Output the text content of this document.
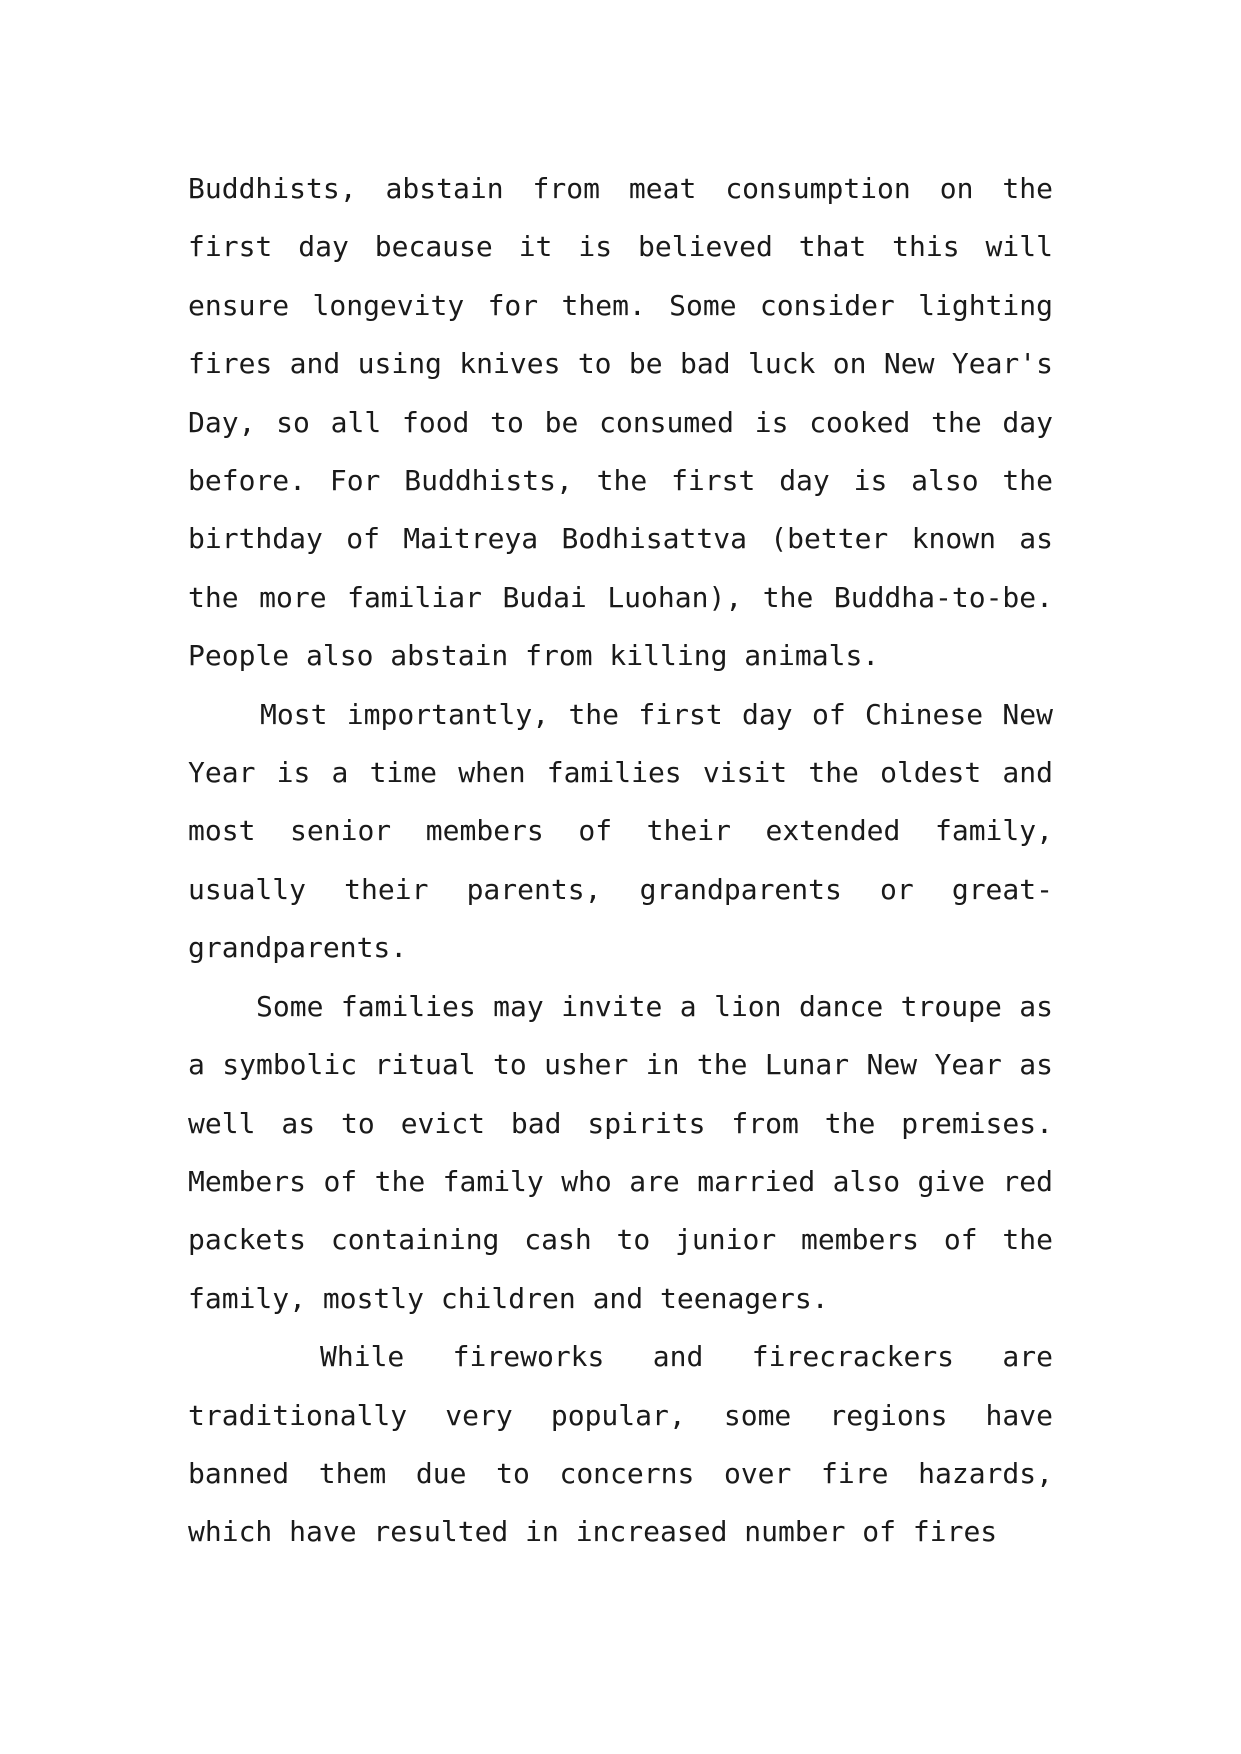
Buddhists, abstain from meat consumption on the first day because it is believed that this will ensure longevity for them. Some consider lighting fires and using knives to be bad luck on New Year's Day, so all food to be consumed is cooked the day before. For Buddhists, the first day is also the birthday of Maitreya Bodhisattva (better known as the more familiar Budai Luohan), the Buddha-to-be. People also abstain from killing animals.

Most importantly, the first day of Chinese New Year is a time when families visit the oldest and most senior members of their extended family, usually their parents, grandparents or great-grandparents.

Some families may invite a lion dance troupe as a symbolic ritual to usher in the Lunar New Year as well as to evict bad spirits from the premises. Members of the family who are married also give red packets containing cash to junior members of the family, mostly children and teenagers.

While fireworks and firecrackers are traditionally very popular, some regions have banned them due to concerns over fire hazards, which have resulted in increased number of fires
